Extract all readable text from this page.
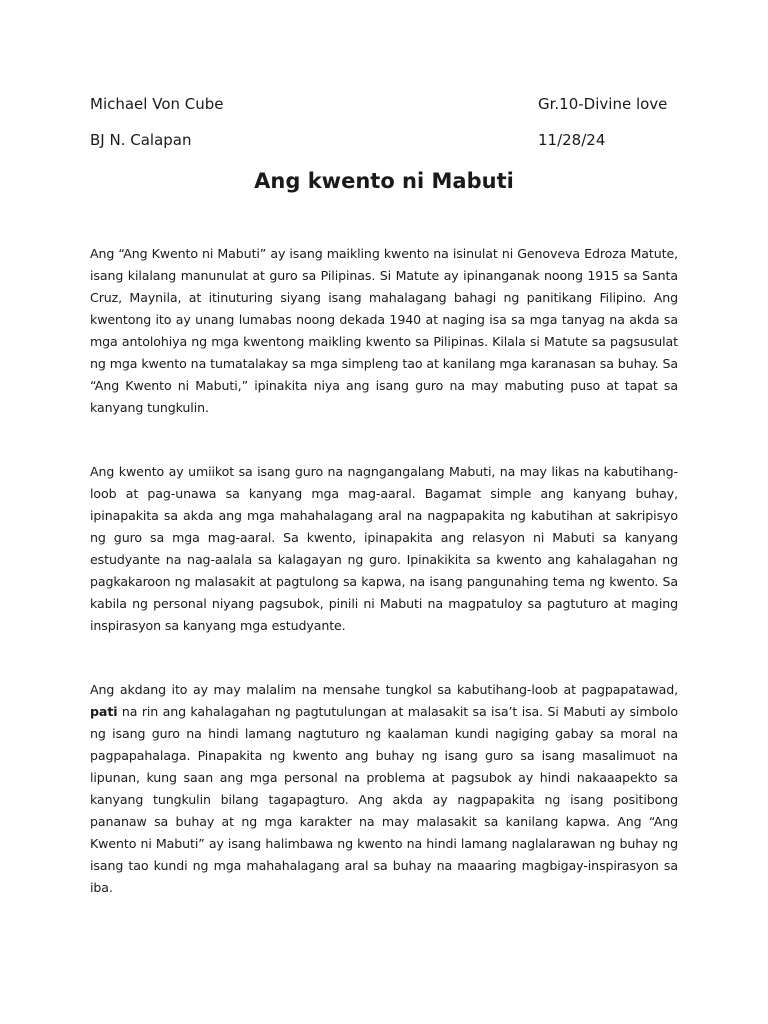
Michael Von Cube	Gr.10-Divine love
BJ N. Calapan	11/28/24
Ang kwento ni Mabuti

Ang “Ang Kwento ni Mabuti” ay isang maikling kwento na isinulat ni Genoveva Edroza Matute, isang kilalang manunulat at guro sa Pilipinas. Si Matute ay ipinanganak noong 1915 sa Santa Cruz, Maynila, at itinuturing siyang isang mahalagang bahagi ng panitikang Filipino. Ang kwentong ito ay unang lumabas noong dekada 1940 at naging isa sa mga tanyag na akda sa mga antolohiya ng mga kwentong maikling kwento sa Pilipinas. Kilala si Matute sa pagsusulat ng mga kwento na tumatalakay sa mga simpleng tao at kanilang mga karanasan sa buhay. Sa “Ang Kwento ni Mabuti,” ipinakita niya ang isang guro na may mabuting puso at tapat sa kanyang tungkulin.

Ang kwento ay umiikot sa isang guro na nagngangalang Mabuti, na may likas na kabutihang-loob at pag-unawa sa kanyang mga mag-aaral. Bagamat simple ang kanyang buhay, ipinapakita sa akda ang mga mahahalagang aral na nagpapakita ng kabutihan at sakripisyo ng guro sa mga mag-aaral. Sa kwento, ipinapakita ang relasyon ni Mabuti sa kanyang estudyante na nag-aalala sa kalagayan ng guro. Ipinakikita sa kwento ang kahalagahan ng pagkakaroon ng malasakit at pagtulong sa kapwa, na isang pangunahing tema ng kwento. Sa kabila ng personal niyang pagsubok, pinili ni Mabuti na magpatuloy sa pagtuturo at maging inspirasyon sa kanyang mga estudyante.

Ang akdang ito ay may malalim na mensahe tungkol sa kabutihang-loob at pagpapatawad, pati na rin ang kahalagahan ng pagtutulungan at malasakit sa isa’t isa. Si Mabuti ay simbolo ng isang guro na hindi lamang nagtuturo ng kaalaman kundi nagiging gabay sa moral na pagpapahalaga. Pinapakita ng kwento ang buhay ng isang guro sa isang masalimuot na lipunan, kung saan ang mga personal na problema at pagsubok ay hindi nakaaapekto sa kanyang tungkulin bilang tagapagturo. Ang akda ay nagpapakita ng isang positibong pananaw sa buhay at ng mga karakter na may malasakit sa kanilang kapwa. Ang “Ang Kwento ni Mabuti” ay isang halimbawa ng kwento na hindi lamang naglalarawan ng buhay ng isang tao kundi ng mga mahahalagang aral sa buhay na maaaring magbigay-inspirasyon sa iba.
